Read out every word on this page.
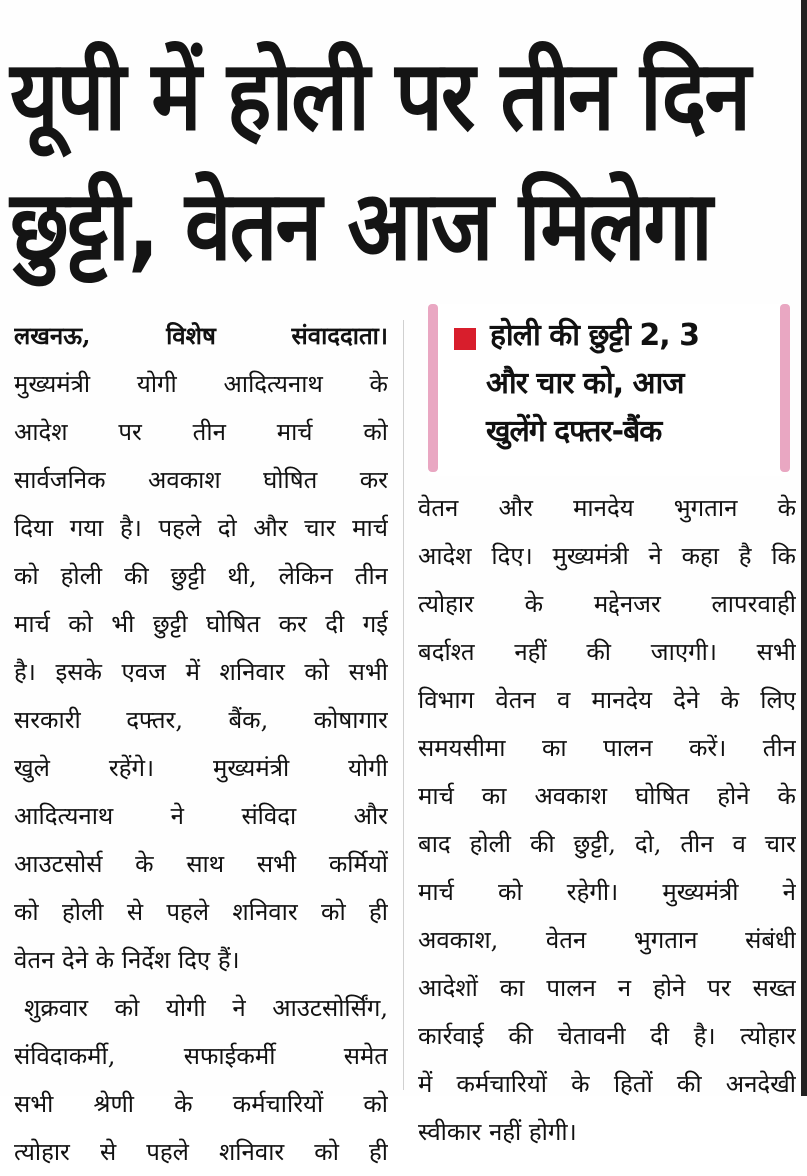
यूपी में होली पर तीन दिन
छुट्टी, वेतन आज मिलेगा
लखनऊ, विशेष संवाददाता।
मुख्यमंत्री योगी आदित्यनाथ के
आदेश पर तीन मार्च को
सार्वजनिक अवकाश घोषित कर
दिया गया है। पहले दो और चार मार्च
को होली की छुट्टी थी, लेकिन तीन
मार्च को भी छुट्टी घोषित कर दी गई
है। इसके एवज में शनिवार को सभी
सरकारी दफ्तर, बैंक, कोषागार
खुले रहेंगे। मुख्यमंत्री योगी
आदित्यनाथ ने संविदा और
आउटसोर्स के साथ सभी कर्मियों
को होली से पहले शनिवार को ही
वेतन देने के निर्देश दिए हैं।
शुक्रवार को योगी ने आउटसोर्सिंग,
संविदाकर्मी, सफाईकर्मी समेत
सभी श्रेणी के कर्मचारियों को
त्योहार से पहले शनिवार को ही
होली की छुट्टी 2, 3
और चार को, आज
खुलेंगे दफ्तर-बैंक
वेतन और मानदेय भुगतान के
आदेश दिए। मुख्यमंत्री ने कहा है कि
त्योहार के मद्देनजर लापरवाही
बर्दाश्त नहीं की जाएगी। सभी
विभाग वेतन व मानदेय देने के लिए
समयसीमा का पालन करें। तीन
मार्च का अवकाश घोषित होने के
बाद होली की छुट्टी, दो, तीन व चार
मार्च को रहेगी। मुख्यमंत्री ने
अवकाश, वेतन भुगतान संबंधी
आदेशों का पालन न होने पर सख्त
कार्रवाई की चेतावनी दी है। त्योहार
में कर्मचारियों के हितों की अनदेखी
स्वीकार नहीं होगी।
